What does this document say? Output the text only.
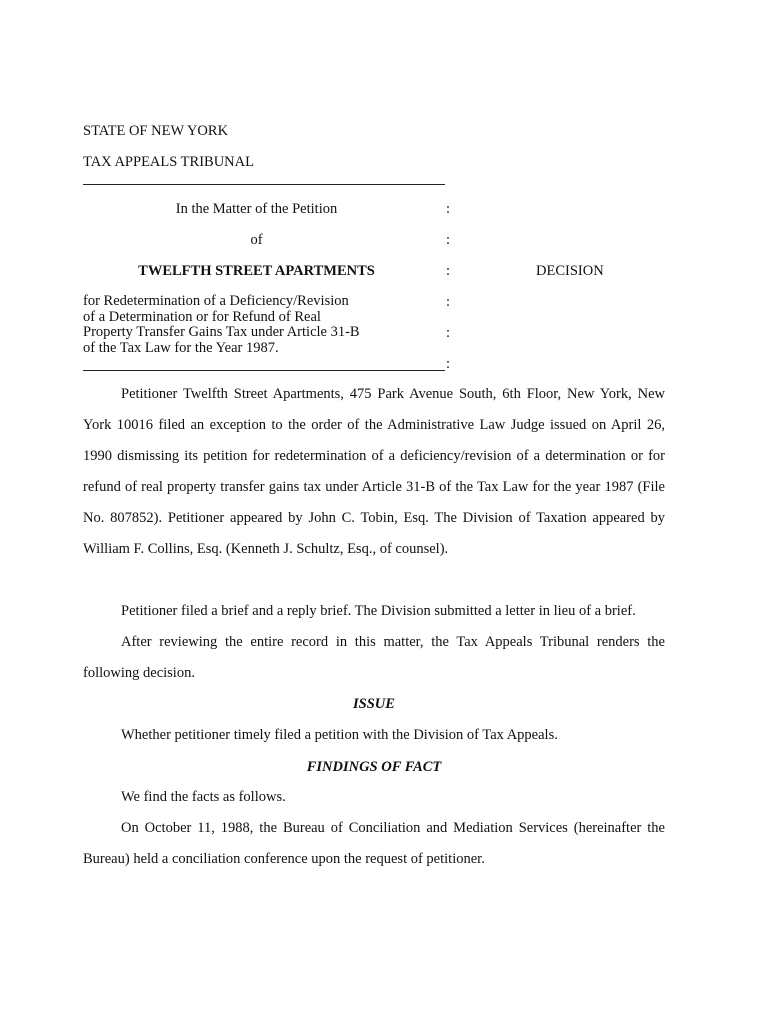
STATE OF NEW YORK
TAX APPEALS TRIBUNAL
In the Matter of the Petition	:
of	:
TWELFTH STREET APARTMENTS	:	DECISION
for Redetermination of a Deficiency/Revision
of a Determination or for Refund of Real
Property Transfer Gains Tax under Article 31-B
of the Tax Law for the Year 1987.
:
:
:
Petitioner Twelfth Street Apartments, 475 Park Avenue South, 6th Floor, New York, New York 10016 filed an exception to the order of the Administrative Law Judge issued on April 26, 1990 dismissing its petition for redetermination of a deficiency/revision of a determination or for refund of real property transfer gains tax under Article 31-B of the Tax Law for the year 1987 (File No. 807852). Petitioner appeared by John C. Tobin, Esq. The Division of Taxation appeared by William F. Collins, Esq. (Kenneth J. Schultz, Esq., of counsel).
Petitioner filed a brief and a reply brief. The Division submitted a letter in lieu of a brief.
After reviewing the entire record in this matter, the Tax Appeals Tribunal renders the following decision.
ISSUE
Whether petitioner timely filed a petition with the Division of Tax Appeals.
FINDINGS OF FACT
We find the facts as follows.
On October 11, 1988, the Bureau of Conciliation and Mediation Services (hereinafter the Bureau) held a conciliation conference upon the request of petitioner.
